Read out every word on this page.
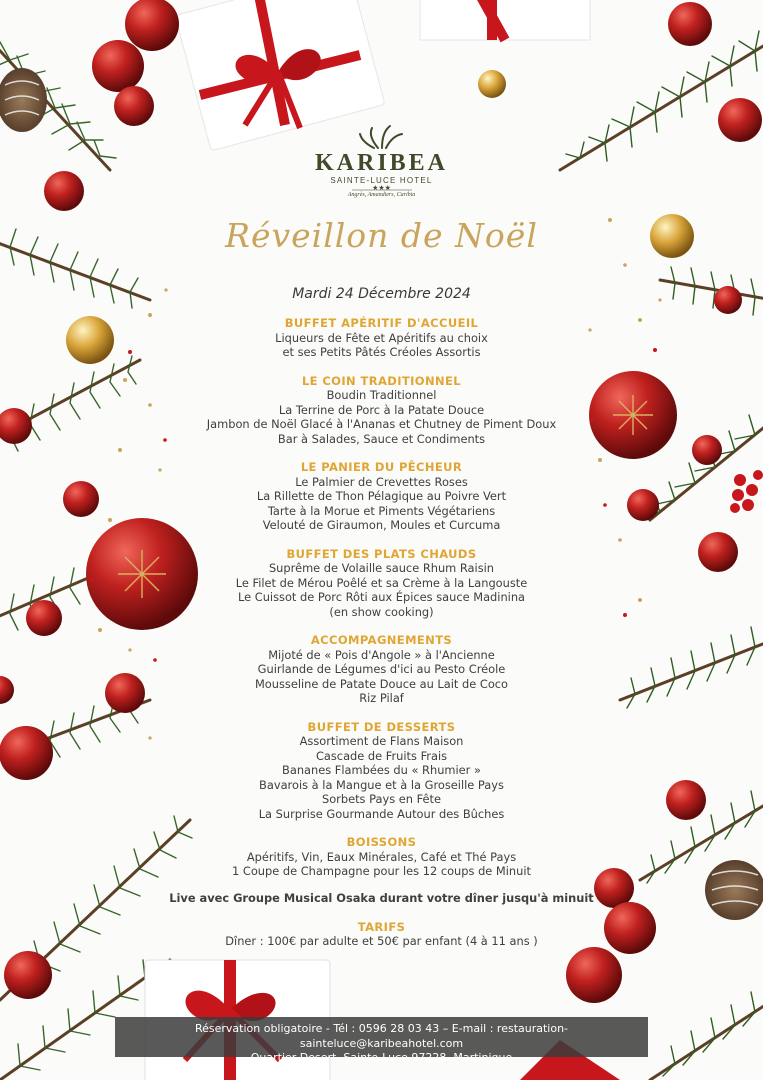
KARIBEA
SAINTE-LUCE HOTEL
★★★
Angrès, Amandiers, Caribia
Réveillon de Noël
Mardi 24 Décembre 2024
BUFFET APÉRITIF D'ACCUEIL
Liqueurs de Fête et Apéritifs au choix
et ses Petits Pâtés Créoles Assortis
LE COIN TRADITIONNEL
Boudin Traditionnel
La Terrine de Porc à la Patate Douce
Jambon de Noël Glacé à l'Ananas et Chutney de Piment Doux
Bar à Salades, Sauce et Condiments
LE PANIER DU PÊCHEUR
Le Palmier de Crevettes Roses
La Rillette de Thon Pélagique au Poivre Vert
Tarte à la Morue et Piments Végétariens
Velouté de Giraumon, Moules et Curcuma
BUFFET DES PLATS CHAUDS
Suprême de Volaille sauce Rhum Raisin
Le Filet de Mérou Poêlé et sa Crème à la Langouste
Le Cuissot de Porc Rôti aux Épices sauce Madinina
(en show cooking)
ACCOMPAGNEMENTS
Mijoté de « Pois d'Angole » à l'Ancienne
Guirlande de Légumes d'ici au Pesto Créole
Mousseline de Patate Douce au Lait de Coco
Riz Pilaf
BUFFET DE DESSERTS
Assortiment de Flans Maison
Cascade de Fruits Frais
Bananes Flambées du « Rhumier »
Bavarois à la Mangue et à la Groseille Pays
Sorbets Pays en Fête
La Surprise Gourmande Autour des Bûches
BOISSONS
Apéritifs, Vin, Eaux Minérales, Café et Thé Pays
1 Coupe de Champagne pour les 12 coups de Minuit
Live avec Groupe Musical Osaka durant votre dîner jusqu'à minuit
TARIFS
Dîner : 100€ par adulte et 50€ par enfant (4 à 11 ans )
Réservation obligatoire - Tél : 0596 28 03 43 – E-mail : restauration-sainteluce@karibeahotel.com
Quartier Desert, Sainte-Luce 97228, Martinique
